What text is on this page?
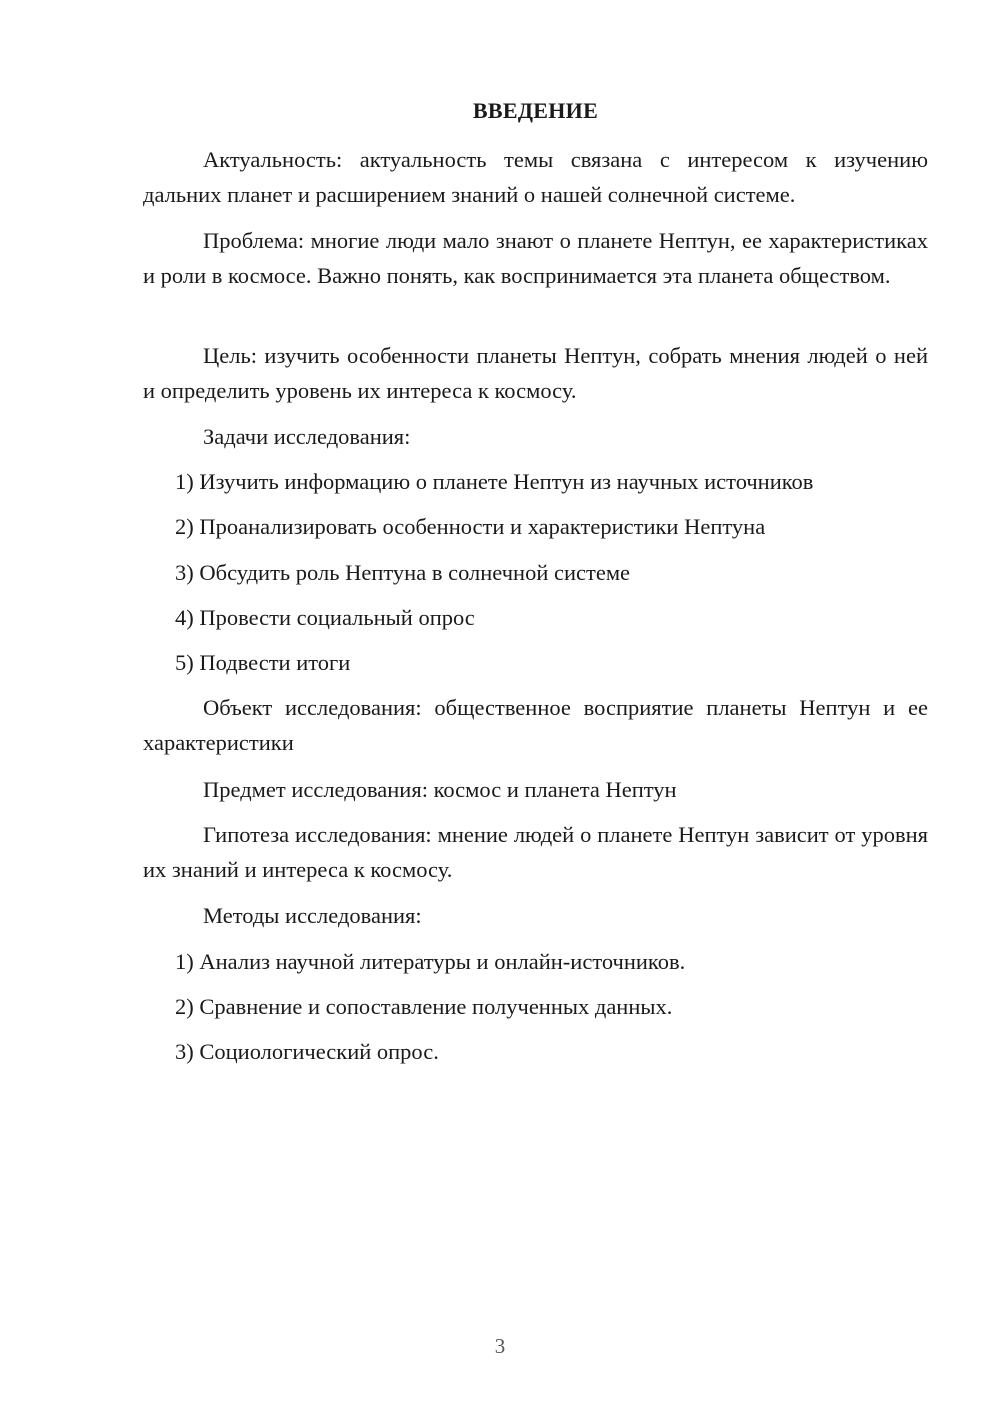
ВВЕДЕНИЕ

Актуальность: актуальность темы связана с интересом к изучению дальних планет и расширением знаний о нашей солнечной системе.

Проблема: многие люди мало знают о планете Нептун, ее характеристиках и роли в космосе. Важно понять, как воспринимается эта планета обществом.

Цель: изучить особенности планеты Нептун, собрать мнения людей о ней и определить уровень их интереса к космосу.

Задачи исследования:

1) Изучить информацию о планете Нептун из научных источников

2) Проанализировать особенности и характеристики Нептуна

3) Обсудить роль Нептуна в солнечной системе

4) Провести социальный опрос

5) Подвести итоги

Объект исследования: общественное восприятие планеты Нептун и ее характеристики

Предмет исследования: космос и планета Нептун

Гипотеза исследования: мнение людей о планете Нептун зависит от уровня их знаний и интереса к космосу.

Методы исследования:

1) Анализ научной литературы и онлайн-источников.

2) Сравнение и сопоставление полученных данных.

3) Социологический опрос.

3
